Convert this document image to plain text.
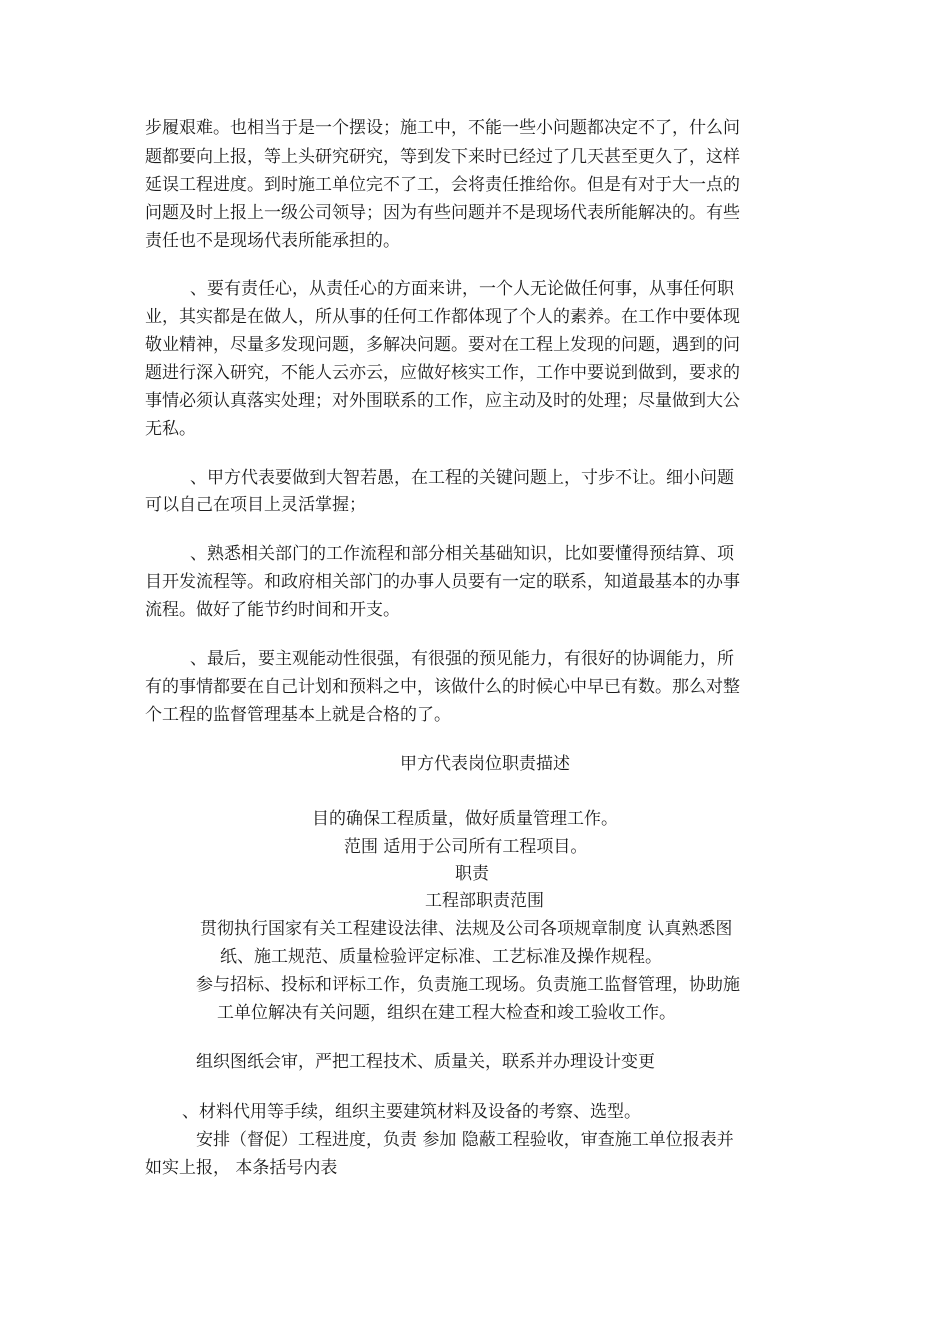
步履艰难。也相当于是一个摆设；施工中，不能一些小问题都决定不了，什么问
题都要向上报，等上头研究研究，等到发下来时已经过了几天甚至更久了，这样
延误工程进度。到时施工单位完不了工，会将责任推给你。但是有对于大一点的
问题及时上报上一级公司领导；因为有些问题并不是现场代表所能解决的。有些
责任也不是现场代表所能承担的。
、要有责任心，从责任心的方面来讲，一个人无论做任何事，从事任何职
业，其实都是在做人，所从事的任何工作都体现了个人的素养。在工作中要体现
敬业精神，尽量多发现问题，多解决问题。要对在工程上发现的问题，遇到的问
题进行深入研究，不能人云亦云，应做好核实工作，工作中要说到做到，要求的
事情必须认真落实处理；对外围联系的工作，应主动及时的处理；尽量做到大公
无私。
、甲方代表要做到大智若愚，在工程的关键问题上，寸步不让。细小问题
可以自己在项目上灵活掌握；
、熟悉相关部门的工作流程和部分相关基础知识，比如要懂得预结算、项
目开发流程等。和政府相关部门的办事人员要有一定的联系，知道最基本的办事
流程。做好了能节约时间和开支。
、最后，要主观能动性很强，有很强的预见能力，有很好的协调能力，所
有的事情都要在自己计划和预料之中，该做什么的时候心中早已有数。那么对整
个工程的监督管理基本上就是合格的了。
甲方代表岗位职责描述
目的确保工程质量，做好质量管理工作。
范围 适用于公司所有工程项目。
职责
工程部职责范围
贯彻执行国家有关工程建设法律、法规及公司各项规章制度 认真熟悉图
纸、施工规范、质量检验评定标准、工艺标准及操作规程。
参与招标、投标和评标工作，负责施工现场。负责施工监督管理，协助施
工单位解决有关问题，组织在建工程大检查和竣工验收工作。
组织图纸会审，严把工程技术、质量关，联系并办理设计变更
、材料代用等手续，组织主要建筑材料及设备的考察、选型。
安排（督促）工程进度，负责 参加 隐蔽工程验收，审查施工单位报表并
如实上报， 本条括号内表
